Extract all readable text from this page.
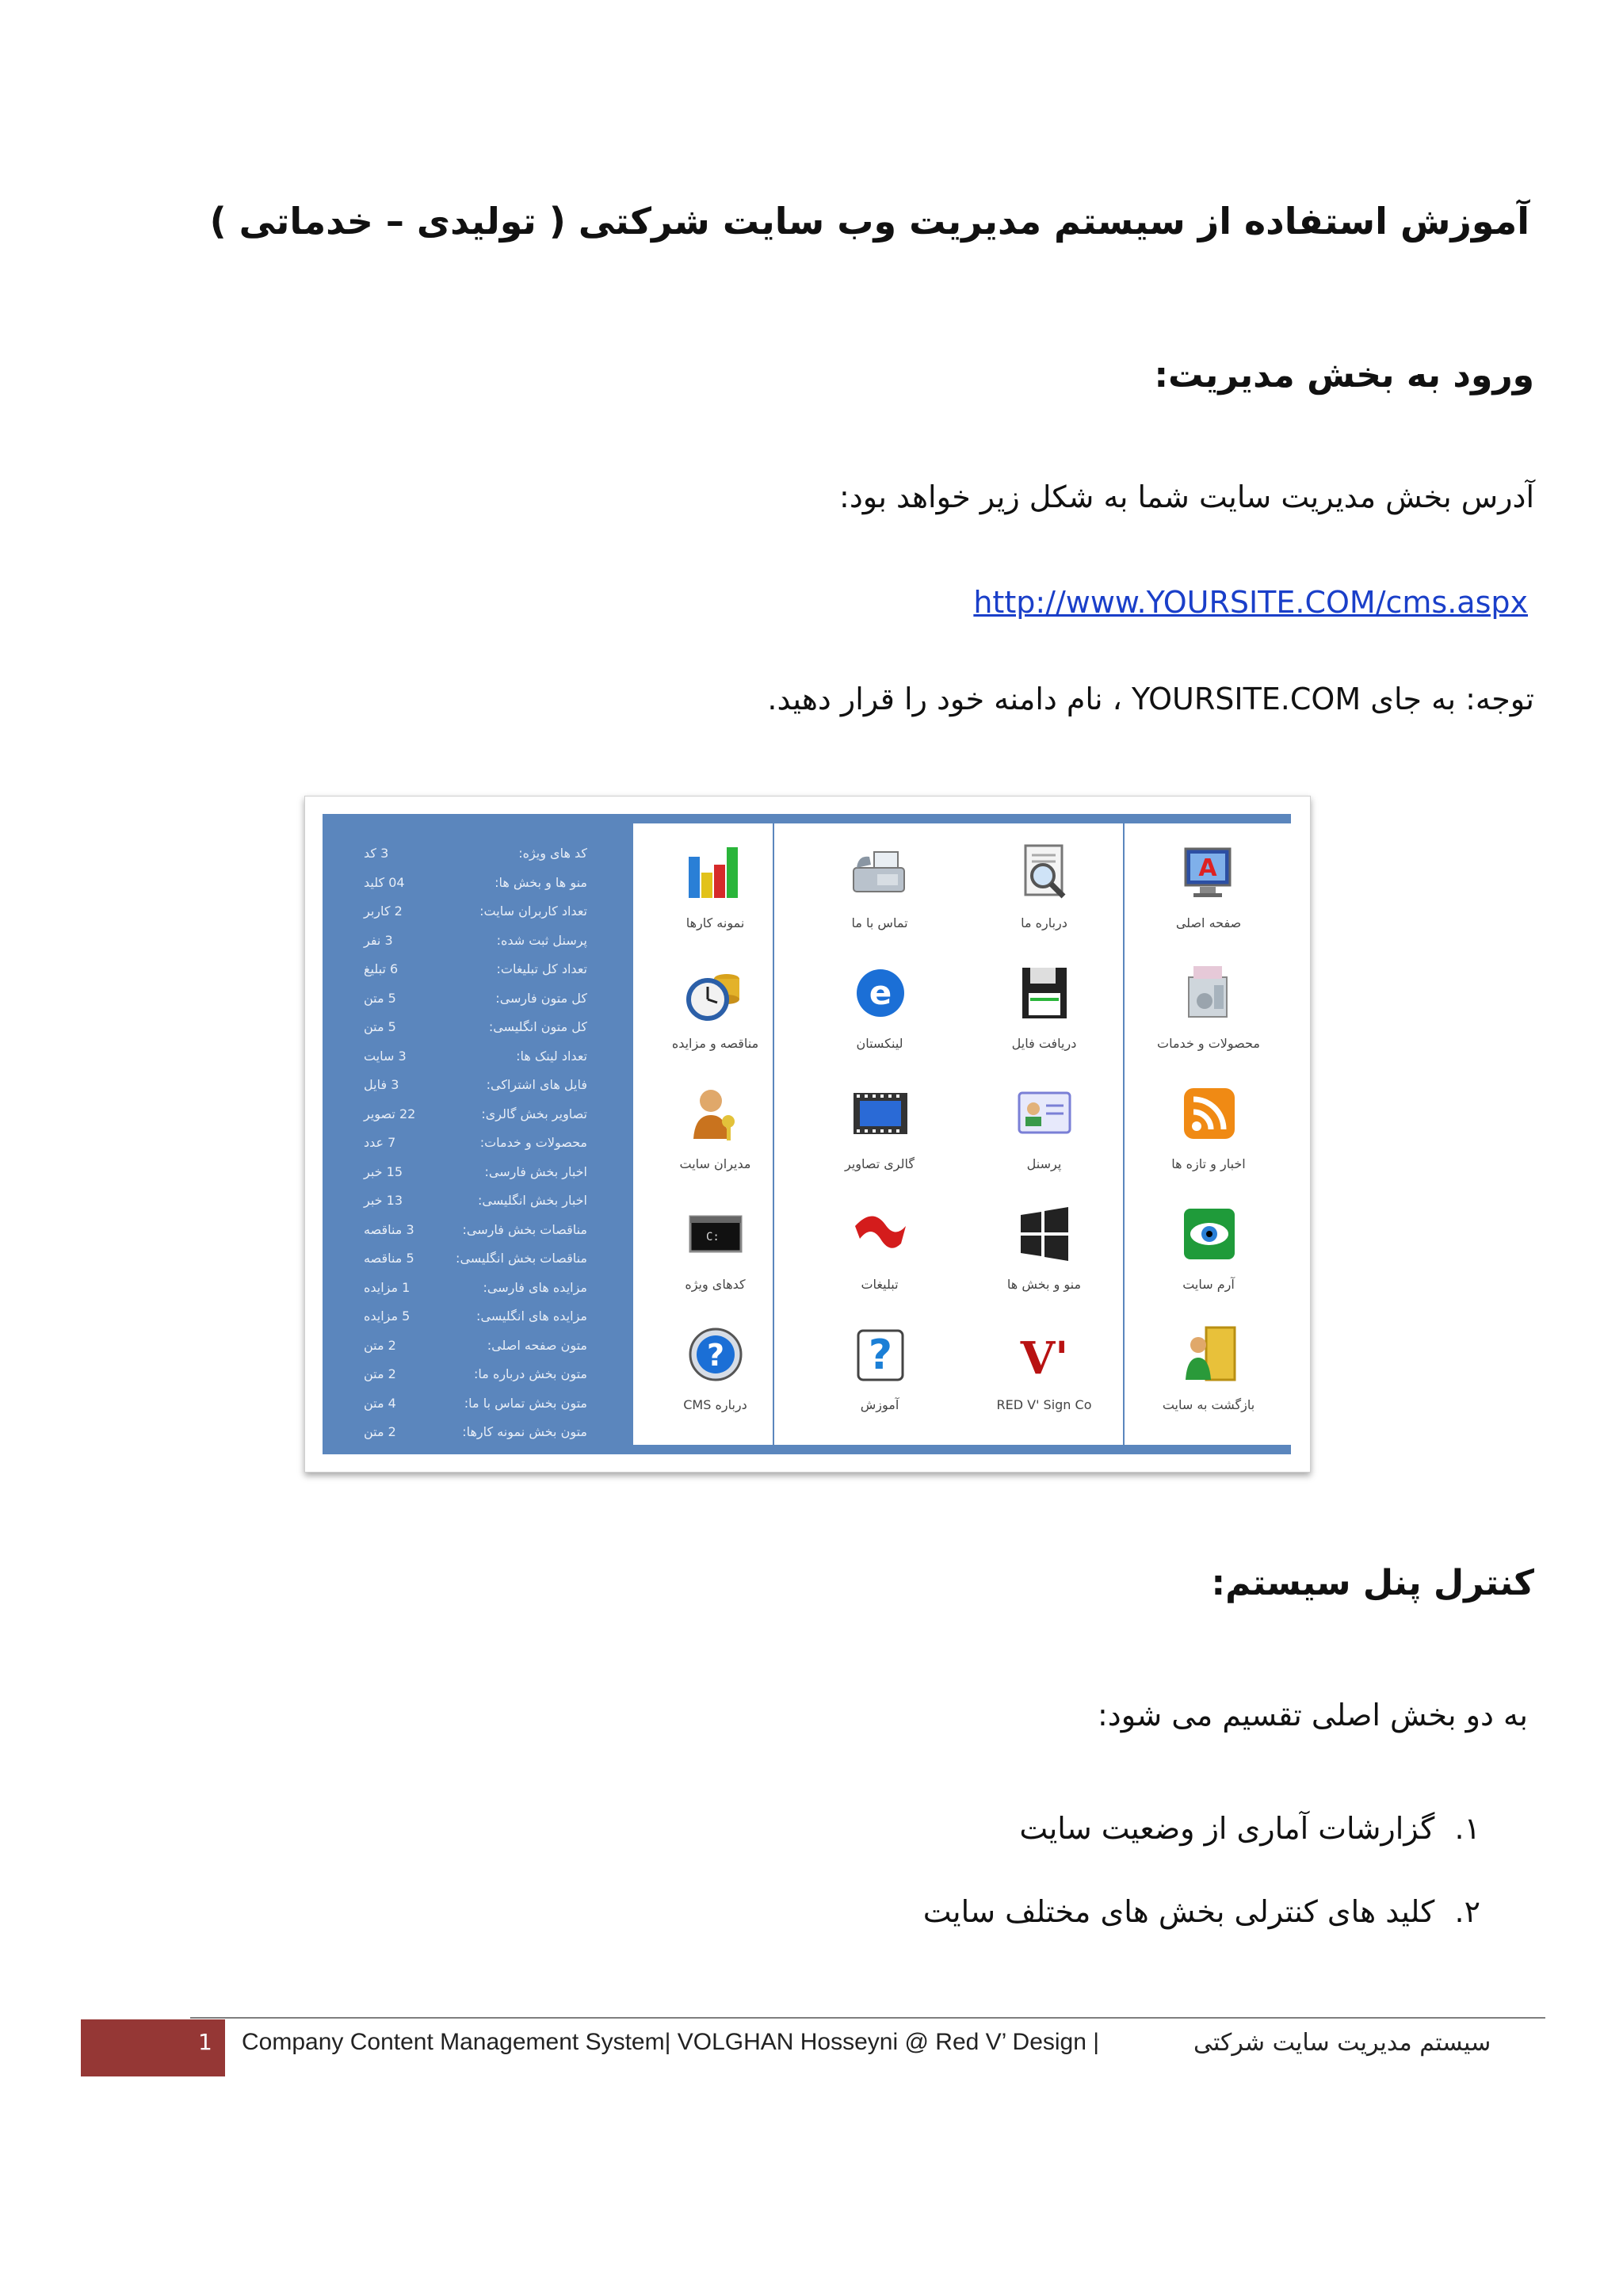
آموزش استفاده از سیستم مدیریت وب سایت شرکتی ( تولیدی – خدماتی )
ورود به بخش مدیریت:
آدرس بخش مدیریت سایت شما به شکل زیر خواهد بود:
http://www.YOURSITE.COM/cms.aspx
توجه: به جای YOURSITE.COM ، نام دامنه خود را قرار دهید.
کد های ویژه:
3 کد
منو ها و بخش ها:
04 کلید
تعداد کاربران سایت:
2 کاربر
پرسنل ثبت شده:
3 نفر
تعداد کل تبلیغات:
6 تبلیغ
کل متون فارسی:
5 متن
کل متون انگلیسی:
5 متن
تعداد لینک ها:
3 سایت
فایل های اشتراکی:
3 فایل
تصاویر بخش گالری:
22 تصویر
محصولات و خدمات:
7 عدد
اخبار بخش فارسی:
15 خبر
اخبار بخش انگلیسی:
13 خبر
مناقصات بخش فارسی:
3 مناقصه
مناقصات بخش انگلیسی:
5 مناقصه
مزایده های فارسی:
1 مزایده
مزایده های انگلیسی:
5 مزایده
متون صفحه اصلی:
2 متن
متون بخش درباره ما:
2 متن
متون بخش تماس با ما:
4 متن
متون بخش نمونه کارها:
2 متن
A
صفحه اصلی
درباره ما
تماس با ما
نمونه کارها
محصولات و خدمات
دریافت فایل
e
لینکستان
مناقصه و مزایده
اخبار و تازه ها
پرسنل
گالری تصاویر
مدیران سایت
آرم سایت
منو و بخش ها
تبلیغات
C:
کدهای ویژه
بازگشت به سایت
V'
RED V' Sign Co
?
آموزش
?
درباره CMS
کنترل پنل سیستم:
به دو بخش اصلی تقسیم می شود:
۱. گزارشات آماری از وضعیت سایت
۲. کلید های کنترلی بخش های مختلف سایت
1 Company Content Management System| VOLGHAN Hosseyni @ Red V’ Design |	سیستم مدیریت سایت شرکتی
